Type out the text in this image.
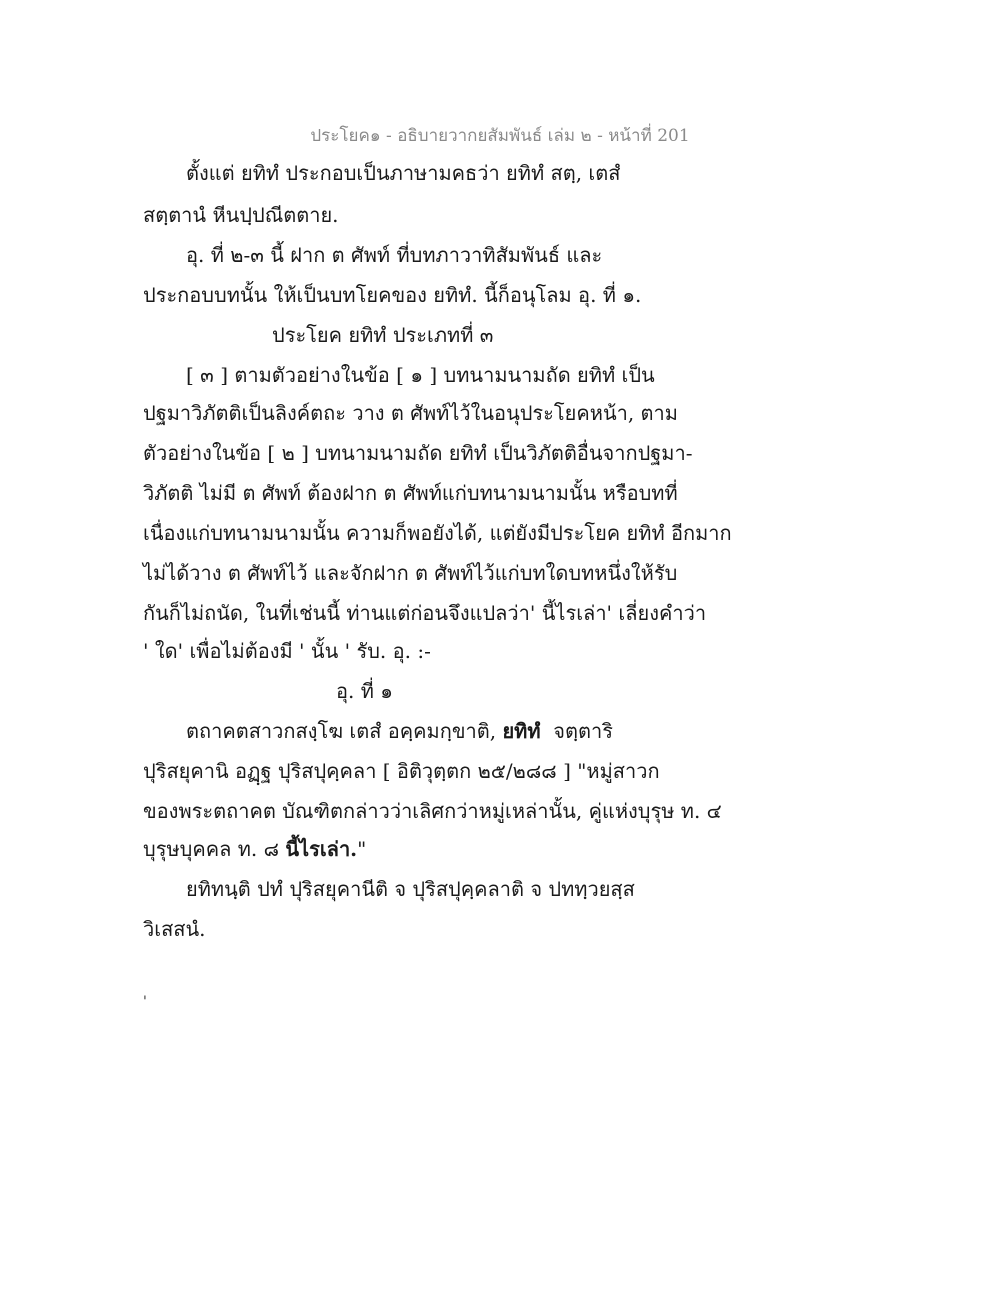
ประโยค๑ - อธิบายวากยสัมพันธ์ เล่ม ๒ - หน้าที่ 201
ตั้งแต่ ยทิทํ ประกอบเป็นภาษามคธว่า ยทิทํ สตฺ, เตสํ
สตฺตานํ หีนปฺปณีตตาย.
อุ. ที่ ๒-๓ นี้ ฝาก ต ศัพท์ ที่บทภาวาทิสัมพันธ์ และ
ประกอบบทนั้น ให้เป็นบทโยคของ ยทิทํ. นี้ก็อนุโลม อุ. ที่ ๑.
ประโยค ยทิทํ ประเภทที่ ๓
[ ๓ ] ตามตัวอย่างในข้อ [ ๑ ] บทนามนามถัด ยทิทํ เป็น
ปฐมาวิภัตติเป็นลิงค์ตถะ วาง ต ศัพท์ไว้ในอนุประโยคหน้า, ตาม
ตัวอย่างในข้อ [ ๒ ] บทนามนามถัด ยทิทํ เป็นวิภัตติอื่นจากปฐมา-
วิภัตติ ไม่มี ต ศัพท์ ต้องฝาก ต ศัพท์แก่บทนามนามนั้น หรือบทที่
เนื่องแก่บทนามนามนั้น ความก็พอยังได้, แต่ยังมีประโยค ยทิทํ อีกมาก
ไม่ได้วาง ต ศัพท์ไว้ และจักฝาก ต ศัพท์ไว้แก่บทใดบทหนึ่งให้รับ
กันก็ไม่ถนัด, ในที่เช่นนี้ ท่านแต่ก่อนจึงแปลว่า' นี้ไรเล่า' เลี่ยงคำว่า
' ใด' เพื่อไม่ต้องมี ' นั้น ' รับ. อุ. :-
อุ. ที่ ๑
ตถาคตสาวกสงฺโฆ เตสํ อคฺคมกฺขาติ, ยทิทํ จตฺตาริ
ปุริสยุคานิ อฏฺฐ ปุริสปุคฺคลา [ อิติวุตฺตก ๒๕/๒๘๘ ] "หมู่สาวก
ของพระตถาคต บัณฑิตกล่าวว่าเลิศกว่าหมู่เหล่านั้น, คู่แห่งบุรุษ ท. ๔
บุรุษบุคคล ท. ๘ นี้ไรเล่า."
ยทิทนฺติ ปทํ ปุริสยุคานีติ จ ปุริสปุคฺคลาติ จ ปททฺวยสฺส
วิเสสนํ.
'
